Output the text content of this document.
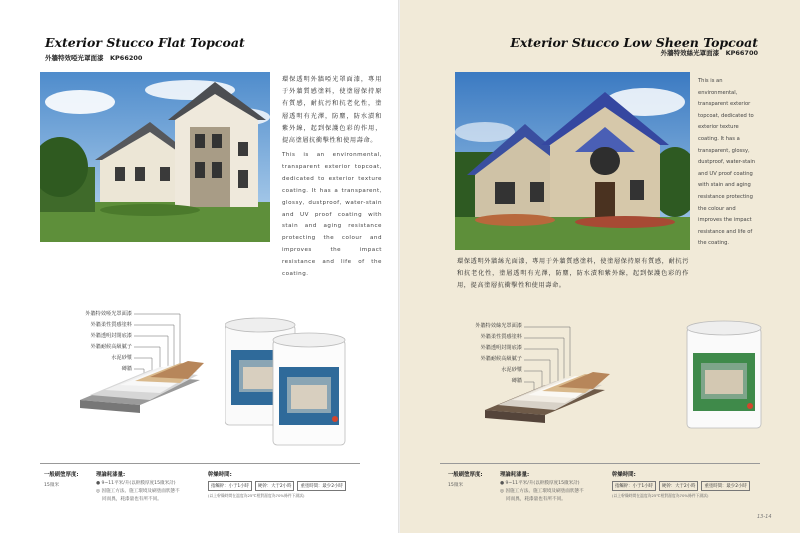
Exterior Stucco Flat Topcoat
外牆特效啞光罩面漆　KP66200
環保透明外牆啞光罩面漆，專用于外牆質感塗料，使塗層保持原有質感，耐抗污和抗老化性，塗層透明有光澤，防塵，防水漬和紫外線，起到保護色彩的作用，提高塗層抗衝擊性和使用壽命。
This is an environmental, transparent exterior topcoat, dedicated to exterior texture coating. It has a transparent, glossy, dustproof, water-stain and UV proof coating with stain and aging resistance protecting the colour and improves the impact resistance and life of the coating.
外牆特效啞光罩面漆
外牆柔性質感塗料
外牆透明封閉底漆
外牆耐候高級膩子
水泥砂漿
磚牆
一般刷塗厚度:
15微米
理論耗漆量:
● 9~11平米/升(以幹膜厚度15微米計)
◎ 因施工方法、施工環境及刷塗面狀態不
　 同而異，耗漆量也有所不同。
幹燥時間:
指觸幹：小于1小時	硬幹：大于2小時	重塗時間：最少2小時
(以上幹燥時間在溫度為25℃相對濕度為70%條件下測試)
Exterior Stucco Low Sheen Topcoat
外牆特效絲光罩面漆　KP66700
This is an
environmental,
transparent exterior
topcoat, dedicated to
exterior texture
coating. It has a
transparent, glossy,
dustproof, water-stain
and UV proof coating
with stain and aging
resistance protecting
the colour and
improves the impact
resistance and life of
the coating.
環保透明外牆絲光面漆，專用于外牆質感塗料，使塗層保持原有質感，耐抗污和抗老化性，塗層透明有光澤，防塵，防水漬和紫外線，起到保護色彩的作用，提高塗層抗衝擊性和使用壽命。
外牆特效絲光罩面漆
外牆柔性質感塗料
外牆透明封閉底漆
外牆耐候高級膩子
水泥砂漿
磚牆
一般刷塗厚度:
15微米
理論耗漆量:
● 9~11平米/升(以幹膜厚度15微米計)
◎ 因施工方法、施工環境及刷塗面狀態不
　 同而異，耗漆量也有所不同。
幹燥時間:
指觸幹：小于1小時	硬幹：大于2小時	重塗時間：最少2小時
(以上幹燥時間在溫度為25℃相對濕度為70%條件下測試)
13-14
